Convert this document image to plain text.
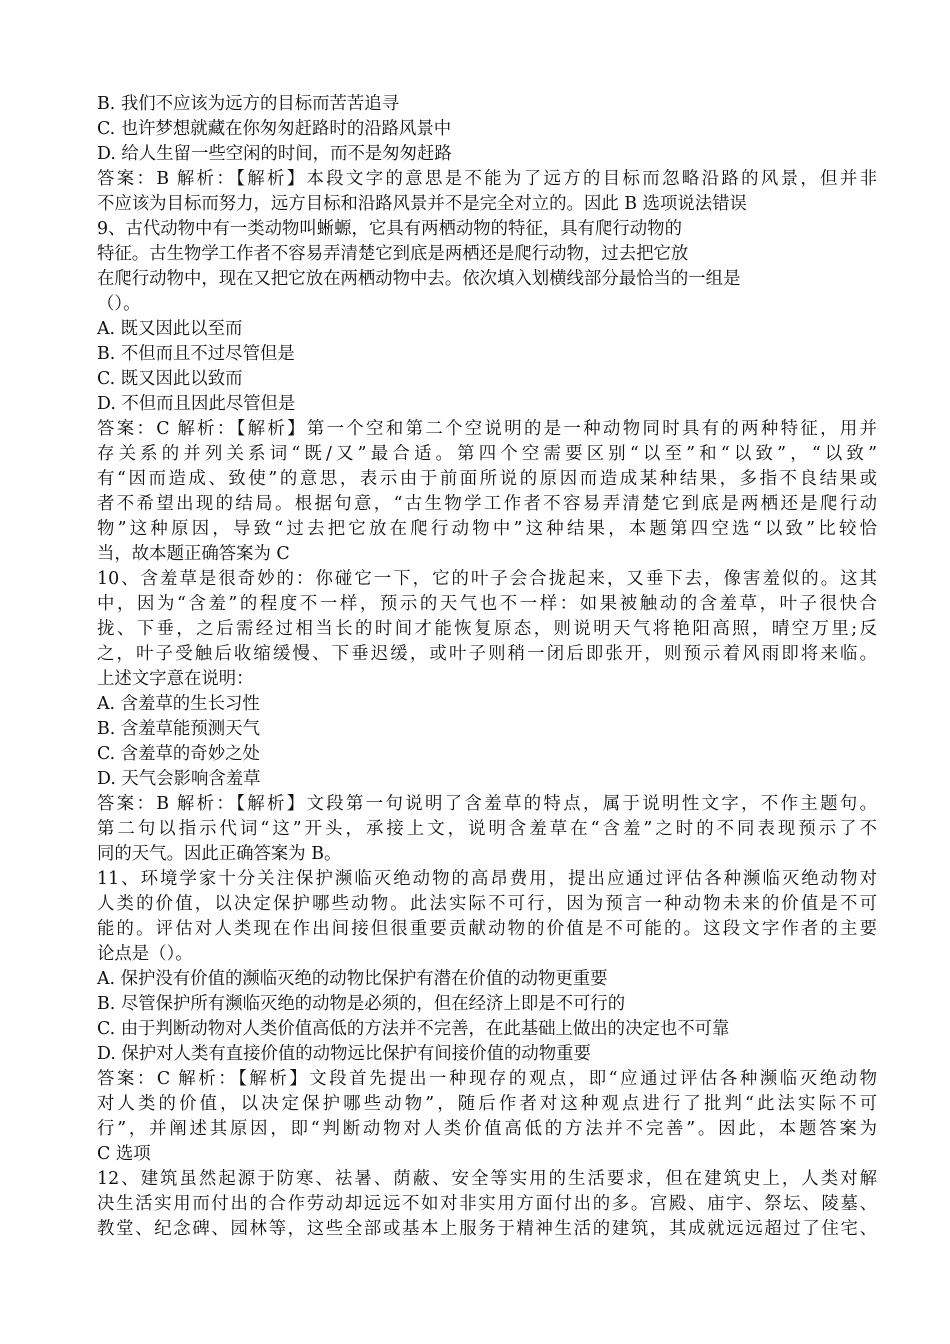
B. 我们不应该为远方的目标而苦苦追寻
C. 也许梦想就藏在你匆匆赶路时的沿路风景中
D. 给人生留一些空闲的时间，而不是匆匆赶路
答案：B 解析：【解析】本段文字的意思是不能为了远方的目标而忽略沿路的风景，但并非
不应该为目标而努力，远方目标和沿路风景并不是完全对立的。因此 B 选项说法错误
9、古代动物中有一类动物叫蜥螈，它具有两栖动物的特征，具有爬行动物的
特征。古生物学工作者不容易弄清楚它到底是两栖还是爬行动物，过去把它放
在爬行动物中，现在又把它放在两栖动物中去。依次填入划横线部分最恰当的一组是
（）。
A. 既又因此以至而
B. 不但而且不过尽管但是
C. 既又因此以致而
D. 不但而且因此尽管但是
答案：C 解析：【解析】第一个空和第二个空说明的是一种动物同时具有的两种特征，用并
存关系的并列关系词“既/又”最合适。第四个空需要区别“以至”和“以致”，“以致”
有“因而造成、致使”的意思，表示由于前面所说的原因而造成某种结果，多指不良结果或
者不希望出现的结局。根据句意，“古生物学工作者不容易弄清楚它到底是两栖还是爬行动
物”这种原因，导致“过去把它放在爬行动物中”这种结果，本题第四空选“以致”比较恰
当，故本题正确答案为 C
10、含羞草是很奇妙的：你碰它一下，它的叶子会合拢起来，又垂下去，像害羞似的。这其
中，因为“含羞”的程度不一样，预示的天气也不一样：如果被触动的含羞草，叶子很快合
拢、下垂，之后需经过相当长的时间才能恢复原态，则说明天气将艳阳高照，晴空万里;反
之，叶子受触后收缩缓慢、下垂迟缓，或叶子则稍一闭后即张开，则预示着风雨即将来临。
上述文字意在说明：
A. 含羞草的生长习性
B. 含羞草能预测天气
C. 含羞草的奇妙之处
D. 天气会影响含羞草
答案：B 解析：【解析】文段第一句说明了含羞草的特点，属于说明性文字，不作主题句。
第二句以指示代词“这”开头，承接上文，说明含羞草在“含羞”之时的不同表现预示了不
同的天气。因此正确答案为 B。
11、环境学家十分关注保护濒临灭绝动物的高昂费用，提出应通过评估各种濒临灭绝动物对
人类的价值，以决定保护哪些动物。此法实际不可行，因为预言一种动物未来的价值是不可
能的。评估对人类现在作出间接但很重要贡献动物的价值是不可能的。这段文字作者的主要
论点是（）。
A. 保护没有价值的濒临灭绝的动物比保护有潜在价值的动物更重要
B. 尽管保护所有濒临灭绝的动物是必须的，但在经济上即是不可行的
C. 由于判断动物对人类价值高低的方法并不完善，在此基础上做出的决定也不可靠
D. 保护对人类有直接价值的动物远比保护有间接价值的动物重要
答案：C 解析：【解析】文段首先提出一种现存的观点，即“应通过评估各种濒临灭绝动物
对人类的价值，以决定保护哪些动物”，随后作者对这种观点进行了批判“此法实际不可
行”，并阐述其原因，即“判断动物对人类价值高低的方法并不完善”。因此，本题答案为
C 选项
12、建筑虽然起源于防寒、祛暑、荫蔽、安全等实用的生活要求，但在建筑史上，人类对解
决生活实用而付出的合作劳动却远远不如对非实用方面付出的多。宫殿、庙宇、祭坛、陵墓、
教堂、纪念碑、园林等，这些全部或基本上服务于精神生活的建筑，其成就远远超过了住宅、
